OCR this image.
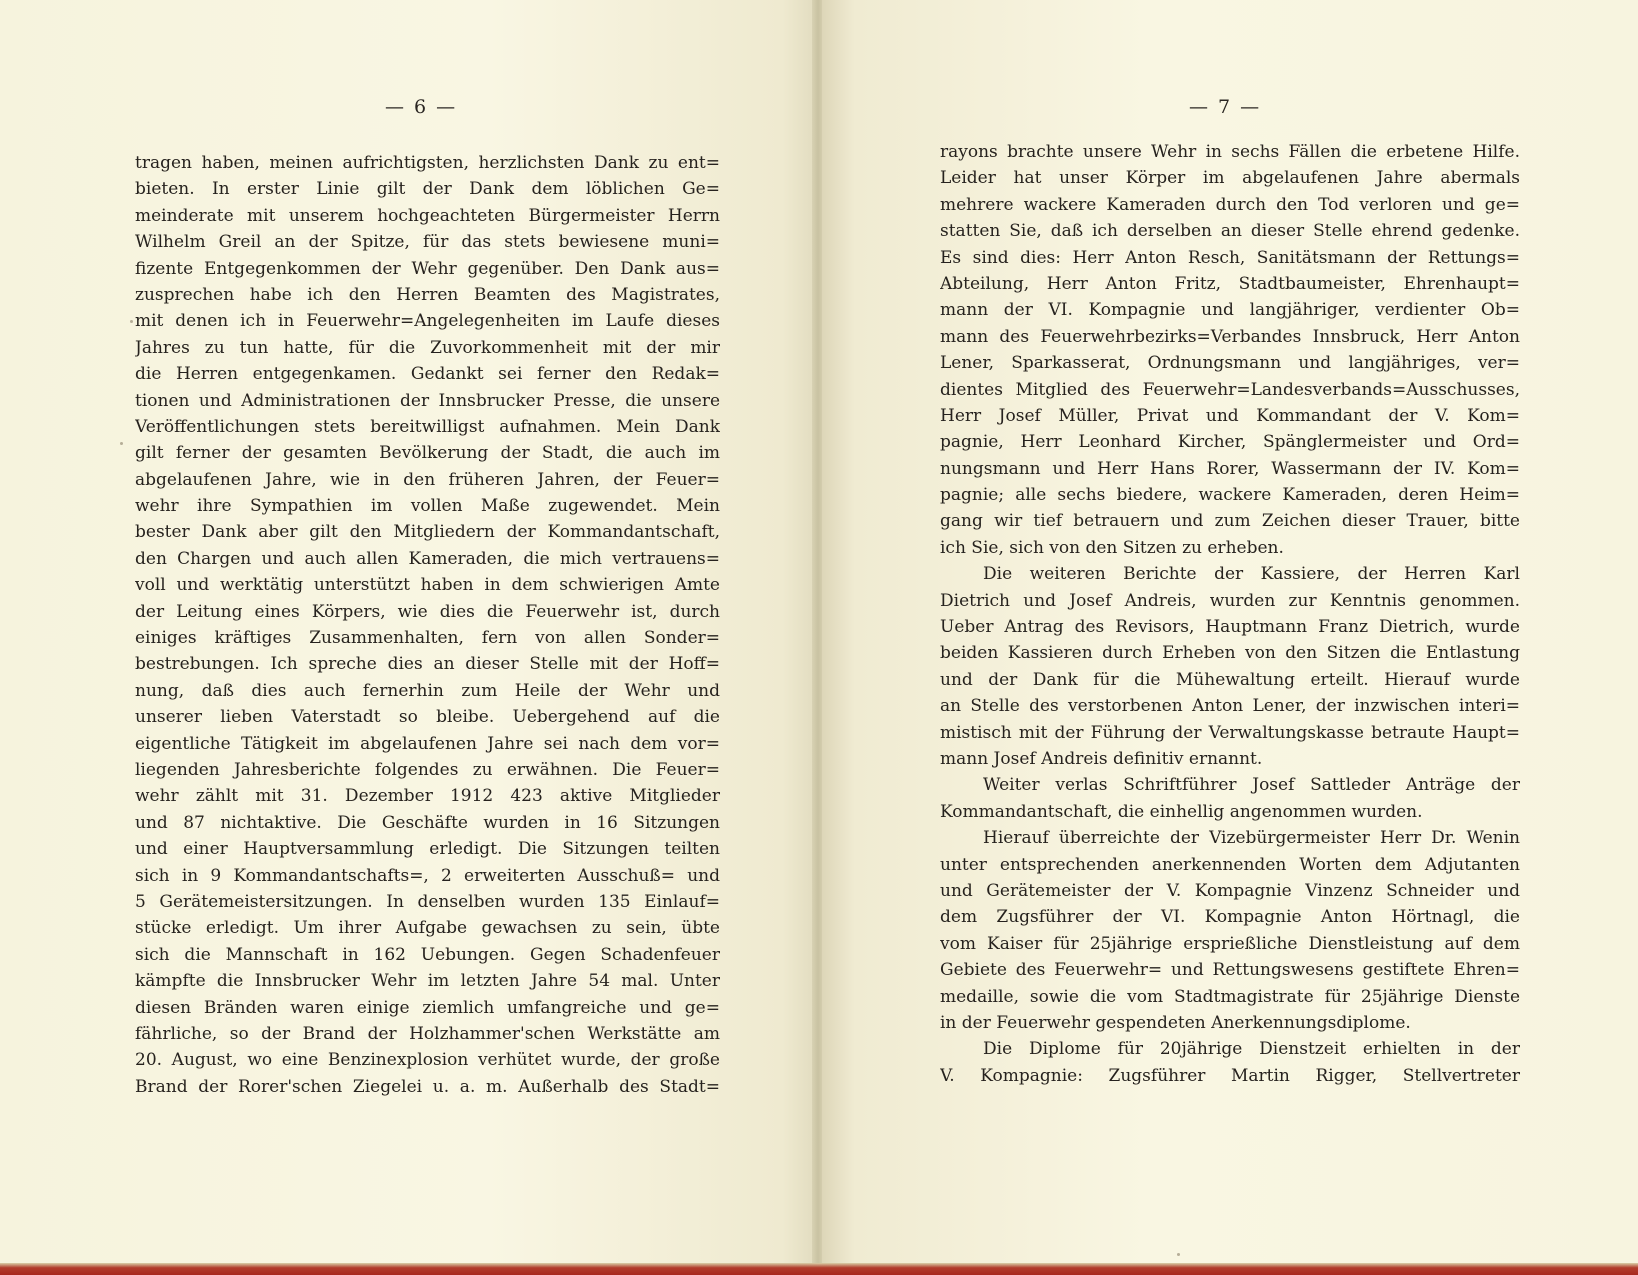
— 6 —
tragen haben, meinen aufrichtigsten, herzlichsten Dank zu ent=
bieten. In erster Linie gilt der Dank dem löblichen Ge=
meinderate mit unserem hochgeachteten Bürgermeister Herrn
Wilhelm Greil an der Spitze, für das stets bewiesene muni=
fizente Entgegenkommen der Wehr gegenüber. Den Dank aus=
zusprechen habe ich den Herren Beamten des Magistrates,
mit denen ich in Feuerwehr=Angelegenheiten im Laufe dieses
Jahres zu tun hatte, für die Zuvorkommenheit mit der mir
die Herren entgegenkamen. Gedankt sei ferner den Redak=
tionen und Administrationen der Innsbrucker Presse, die unsere
Veröffentlichungen stets bereitwilligst aufnahmen. Mein Dank
gilt ferner der gesamten Bevölkerung der Stadt, die auch im
abgelaufenen Jahre, wie in den früheren Jahren, der Feuer=
wehr ihre Sympathien im vollen Maße zugewendet. Mein
bester Dank aber gilt den Mitgliedern der Kommandantschaft,
den Chargen und auch allen Kameraden, die mich vertrauens=
voll und werktätig unterstützt haben in dem schwierigen Amte
der Leitung eines Körpers, wie dies die Feuerwehr ist, durch
einiges kräftiges Zusammenhalten, fern von allen Sonder=
bestrebungen. Ich spreche dies an dieser Stelle mit der Hoff=
nung, daß dies auch fernerhin zum Heile der Wehr und
unserer lieben Vaterstadt so bleibe. Uebergehend auf die
eigentliche Tätigkeit im abgelaufenen Jahre sei nach dem vor=
liegenden Jahresberichte folgendes zu erwähnen. Die Feuer=
wehr zählt mit 31. Dezember 1912 423 aktive Mitglieder
und 87 nichtaktive. Die Geschäfte wurden in 16 Sitzungen
und einer Hauptversammlung erledigt. Die Sitzungen teilten
sich in 9 Kommandantschafts=, 2 erweiterten Ausschuß= und
5 Gerätemeistersitzungen. In denselben wurden 135 Einlauf=
stücke erledigt. Um ihrer Aufgabe gewachsen zu sein, übte
sich die Mannschaft in 162 Uebungen. Gegen Schadenfeuer
kämpfte die Innsbrucker Wehr im letzten Jahre 54 mal. Unter
diesen Bränden waren einige ziemlich umfangreiche und ge=
fährliche, so der Brand der Holzhammer'schen Werkstätte am
20. August, wo eine Benzinexplosion verhütet wurde, der große
Brand der Rorer'schen Ziegelei u. a. m. Außerhalb des Stadt=
— 7 —
rayons brachte unsere Wehr in sechs Fällen die erbetene Hilfe.
Leider hat unser Körper im abgelaufenen Jahre abermals
mehrere wackere Kameraden durch den Tod verloren und ge=
statten Sie, daß ich derselben an dieser Stelle ehrend gedenke.
Es sind dies: Herr Anton Resch, Sanitätsmann der Rettungs=
Abteilung, Herr Anton Fritz, Stadtbaumeister, Ehrenhaupt=
mann der VI. Kompagnie und langjähriger, verdienter Ob=
mann des Feuerwehrbezirks=Verbandes Innsbruck, Herr Anton
Lener, Sparkasserat, Ordnungsmann und langjähriges, ver=
dientes Mitglied des Feuerwehr=Landesverbands=Ausschusses,
Herr Josef Müller, Privat und Kommandant der V. Kom=
pagnie, Herr Leonhard Kircher, Spänglermeister und Ord=
nungsmann und Herr Hans Rorer, Wassermann der IV. Kom=
pagnie; alle sechs biedere, wackere Kameraden, deren Heim=
gang wir tief betrauern und zum Zeichen dieser Trauer, bitte
ich Sie, sich von den Sitzen zu erheben.
Die weiteren Berichte der Kassiere, der Herren Karl
Dietrich und Josef Andreis, wurden zur Kenntnis genommen.
Ueber Antrag des Revisors, Hauptmann Franz Dietrich, wurde
beiden Kassieren durch Erheben von den Sitzen die Entlastung
und der Dank für die Mühewaltung erteilt. Hierauf wurde
an Stelle des verstorbenen Anton Lener, der inzwischen interi=
mistisch mit der Führung der Verwaltungskasse betraute Haupt=
mann Josef Andreis definitiv ernannt.
Weiter verlas Schriftführer Josef Sattleder Anträge der
Kommandantschaft, die einhellig angenommen wurden.
Hierauf überreichte der Vizebürgermeister Herr Dr. Wenin
unter entsprechenden anerkennenden Worten dem Adjutanten
und Gerätemeister der V. Kompagnie Vinzenz Schneider und
dem Zugsführer der VI. Kompagnie Anton Hörtnagl, die
vom Kaiser für 25jährige ersprießliche Dienstleistung auf dem
Gebiete des Feuerwehr= und Rettungswesens gestiftete Ehren=
medaille, sowie die vom Stadtmagistrate für 25jährige Dienste
in der Feuerwehr gespendeten Anerkennungsdiplome.
Die Diplome für 20jährige Dienstzeit erhielten in der
V. Kompagnie: Zugsführer Martin Rigger, Stellvertreter
